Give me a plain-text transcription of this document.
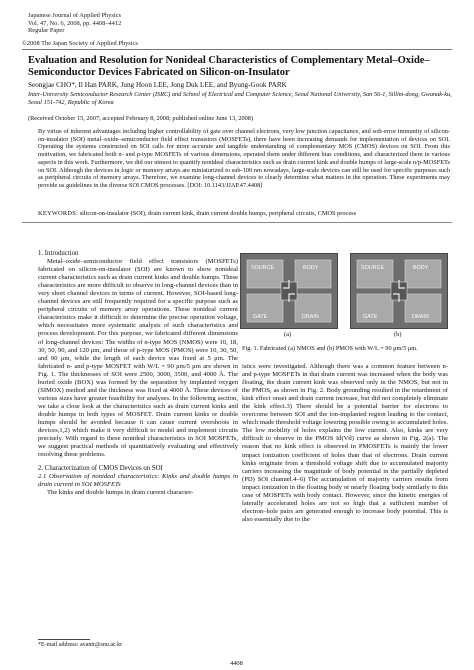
Japanese Journal of Applied Physics
Vol. 47, No. 6, 2008, pp. 4408–4412
Regular Paper
©2008 The Japan Society of Applied Physics
Evaluation and Resolution for Nonideal Characteristics of Complementary Metal–Oxide–Semiconductor Devices Fabricated on Silicon-on-Insulator
Seongjae CHO*, Il Han PARK, Jung Hoon LEE, Jong Duk LEE, and Byung-Gook PARK
Inter-University Semiconductor Research Center (ISRC) and School of Electrical and Computer Science, Seoul National University, San 56-1, Sillim-dong, Gwanak-ku, Seoul 151-742, Republic of Korea
(Received October 15, 2007; accepted February 8, 2008; published online June 13, 2008)
By virtue of inherent advantages including higher controllability of gate over channel electrons, very low junction capacitance, and soft-error immunity of silicon-on-insulator (SOI) metal–oxide–semiconductor field effect transistors (MOSFETs), there have been increasing demands for implementation of devices on SOI. Operating the systems constructed on SOI calls for more accurate and tangible understanding of complementary MOS (CMOS) devices on SOI. From this motivation, we fabricated both n- and p-type MOSFETs of various dimensions, operated them under different bias conditions, and characterized them in various aspects in this work. Furthermore, we did our utmost to quantify nonideal characteristics such as drain current kink and double humps of large-scale n/p-MOSFETs on SOI. Although the devices in logic or memory arrays are miniaturized to sub-100 nm nowadays, large-scale devices can still be used for specific purposes such as peripheral circuits of memory arrays. Therefore, we examine long-channel devices to clearly determine what matters in the operation. These experiments may provide us guidelines in the diverse SOI CMOS processes. [DOI: 10.1143/JJAP.47.4408]
KEYWORDS: silicon-on-insulator (SOI), drain current kink, drain current double humps, peripheral circuits, CMOS process

1. Introduction

Metal–oxide–semiconductor field effect transistors (MOSFETs) fabricated on silicon-on-insulator (SOI) are known to show nonideal current characteristics such as drain current kinks and double humps. These characteristics are more difficult to observe in long-channel devices than in very short channel devices in terms of current. However, SOI-based long-channel devices are still frequently required for a specific purpose such as peripheral circuits of memory array operations. These nonideal current characteristics make it difficult to determine the precise operation voltage, which necessitates more systematic analysis of such characteristics and process development. For this purpose, we fabricated different dimensions of long-channel devices: The widths of n-type MOS (NMOS) were 10, 18, 30, 50, 90, and 120 μm, and those of p-type MOS (PMOS) were 10, 30, 50, and 90 μm, while the length of each device was fixed at 5 μm. The fabricated n- and p-type MOSFET with W/L = 90 μm/5 μm are shown in Fig. 1. The thicknesses of SOI were 2500, 3000, 3500, and 4000 Å. The buried oxide (BOX) was formed by the separation by implanted oxygen (SIMOX) method and the thickness was fixed at 4000 Å. These devices of various sizes have greater feasibility for analyses. In the following section, we take a close look at the characteristics such as drain current kinks and double humps in both types of MOSFET. Drain current kinks or double humps should be avoided because it can cause current overshoots in devices,1,2) which make it very difficult to model and implement circuits precisely. With regard to these nonideal characteristics in SOI MOSFETs, we suggest practical methods of quantitatively evaluating and effectively resolving these problems.

2. Characterization of CMOS Devices on SOI

2.1 Observation of nonideal characteristics: Kinks and double humps in drain current in SOI MOSFETs

The kinks and double humps in drain current character-

SOURCE	BODY
GATE	DRAIN
SOURCE	BODY
GATE	DRAIN
(a)	(b)
Fig. 1. Fabricated (a) NMOS and (b) PMOS with W/L = 90 μm/5 μm.

istics were investigated. Although there was a common feature between n- and p-type MOSFETs in that drain current was increased when the body was floating, the drain current kink was observed only in the NMOS, but not in the PMOS, as shown in Fig. 2. Body grounding resulted in the retardment of kink effect onset and drain current increase, but did not completely eliminate the kink effect.3) There should be a potential barrier for electrons to overcome between SOI and the ion-implanted region leading to the contact, which made threshold voltage lowering possible owing to accumulated holes. The low mobility of holes explains the low current. Also, kinks are very difficult to observe in the PMOS Id(Vd) curve as shown in Fig. 2(a). The reason that no kink effect is observed in PMOSFETs is mainly the lower impact ionization coefficient of holes than that of electrons. Drain current kinks originate from a threshold voltage shift due to accumulated majority carriers increasing the magnitude of body potential in the partially depleted (PD) SOI channel.4–6) The accumulation of majority carriers results from impact ionization in the floating body or nearly floating body similarly to this case of MOSFETs with body contact. However, since the kinetic energies of laterally accelerated holes are not so high that a sufficient number of electron–hole pairs are generated enough to increase body potential. This is also essentially due to the

*E-mail address: avantr@snu.ac.kr
4408
